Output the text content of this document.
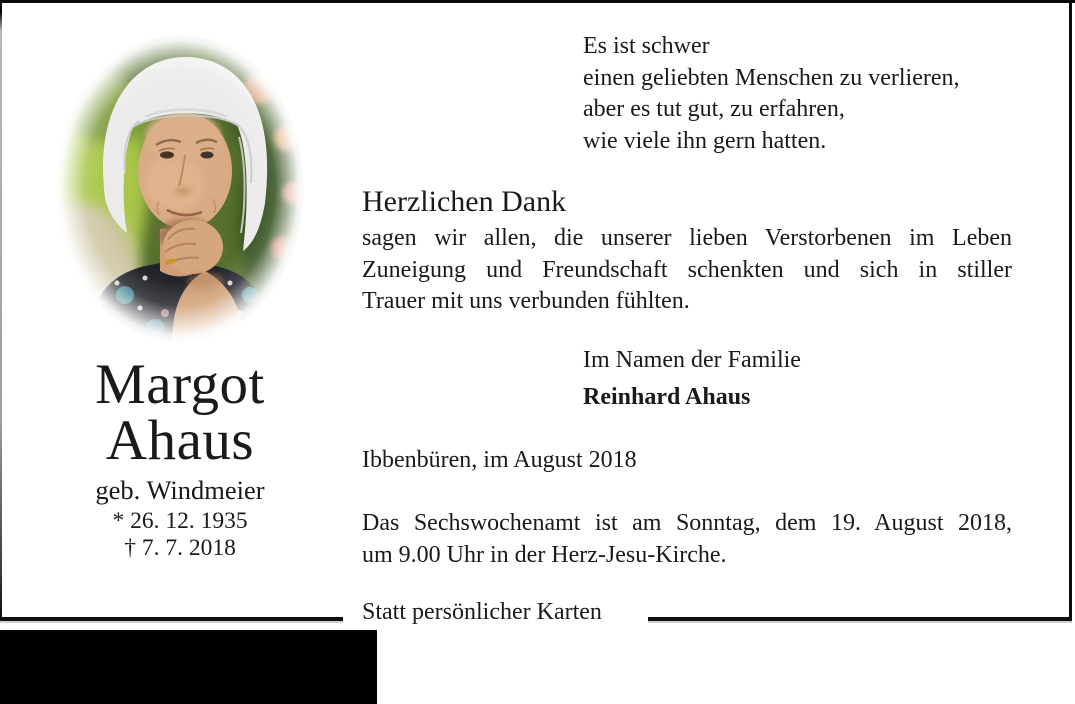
Margot
Ahaus
geb. Windmeier
* 26. 12. 1935
† 7. 7. 2018
Es ist schwer
einen geliebten Menschen zu verlieren,
aber es tut gut, zu erfahren,
wie viele ihn gern hatten.
Herzlichen Dank
sagen wir allen, die unserer lieben Verstorbenen im Leben
Zuneigung und Freundschaft schenkten und sich in stiller
Trauer mit uns verbunden fühlten.
Im Namen der Familie
Reinhard Ahaus
Ibbenbüren, im August 2018
Das Sechswochenamt ist am Sonntag, dem 19. August 2018,
um 9.00 Uhr in der Herz-Jesu-Kirche.
Statt persönlicher Karten
